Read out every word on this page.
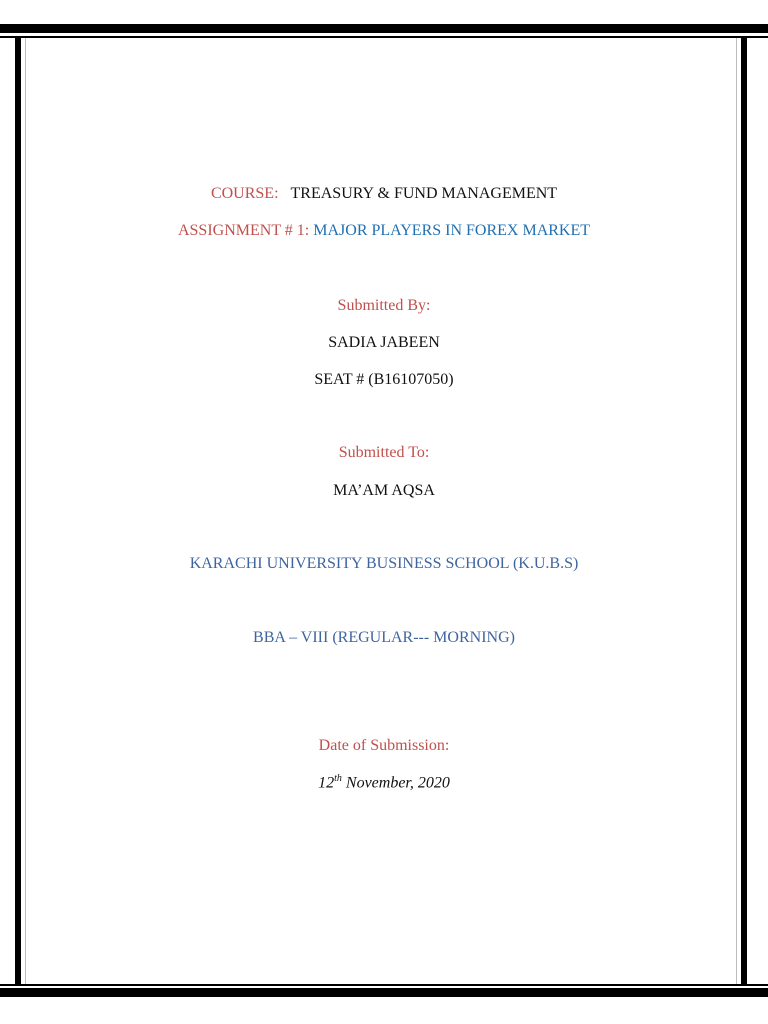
COURSE: TREASURY & FUND MANAGEMENT
ASSIGNMENT # 1: MAJOR PLAYERS IN FOREX MARKET
Submitted By:
SADIA JABEEN
SEAT # (B16107050)
Submitted To:
MA’AM AQSA
KARACHI UNIVERSITY BUSINESS SCHOOL (K.U.B.S)
BBA – VIII (REGULAR--- MORNING)
Date of Submission:
12th November, 2020
